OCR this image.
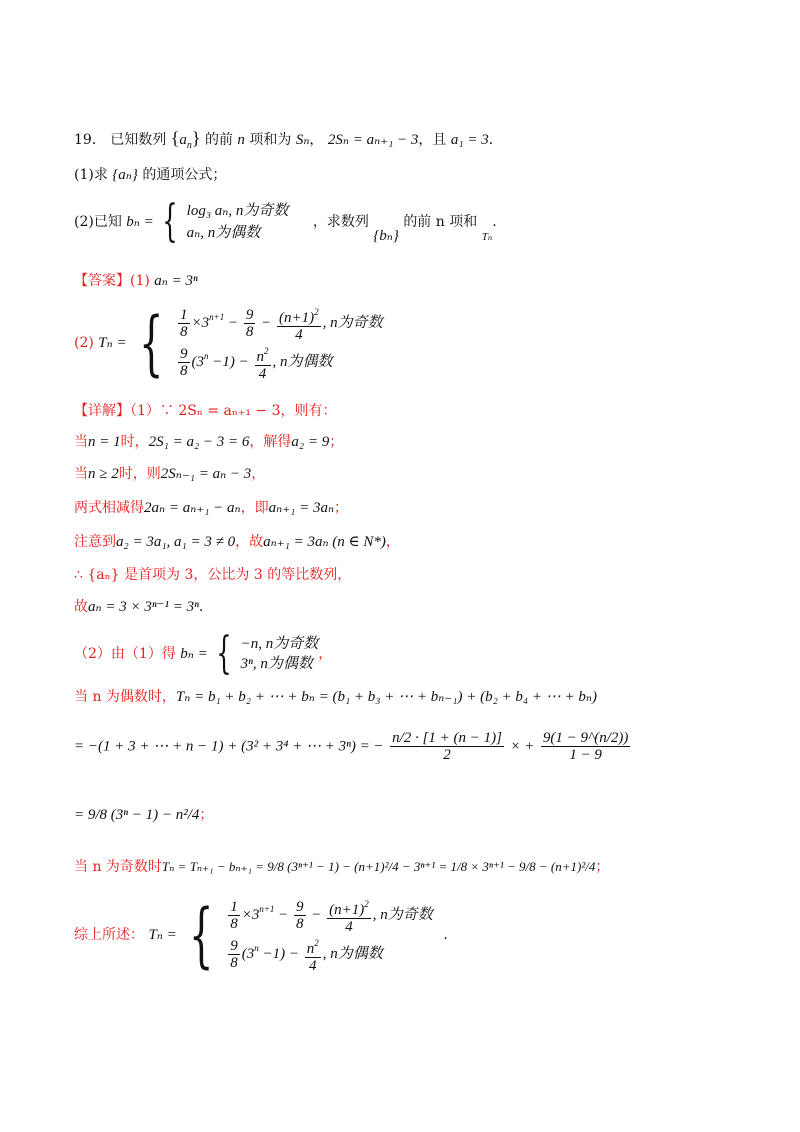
19． 已知数列 $\{a_n\}$ 的前 n 项和为 Sₙ， 2Sₙ = aₙ₊₁ − 3，且 a₁ = 3．
(1)求 {aₙ} 的通项公式；
(2)已知 bₙ = { log₃ aₙ, n为奇数
aₙ, n为偶数
，求数列 {bₙ} 的前 n 项和 $_{T_n}$.
【答案】(1) aₙ = 3ⁿ
(2) Tₙ = { $\frac{1}{8} \times 3^{n+1} - \frac{9}{8} - \frac{(n+1)^2}{4}$ , n为奇数
$\frac{9}{8} (3^n -1) - \frac{n^2}{4}$ , n为偶数
【详解】（1）∵ 2Sₙ = aₙ₊₁ − 3，则有：
当n = 1时，2S₁ = a₂ − 3 = 6，解得a₂ = 9；
当n ≥ 2时，则2Sₙ₋₁ = aₙ − 3，
两式相减得2aₙ = aₙ₊₁ − aₙ，即aₙ₊₁ = 3aₙ；
注意到a₂ = 3a₁, a₁ = 3 ≠ 0，故aₙ₊₁ = 3aₙ (n ∈ N*)，
∴ {aₙ} 是首项为 3，公比为 3 的等比数列，
故aₙ = 3 × 3ⁿ⁻¹ = 3ⁿ.
（2）由（1）得 bₙ = { −n, n为奇数
3ⁿ, n为偶数
，
当 n 为偶数时，Tₙ = b₁ + b₂ + ⋯ + bₙ = (b₁ + b₃ + ⋯ + bₙ₋₁) + (b₂ + b₄ + ⋯ + bₙ)
= −(1 + 3 + ⋯ + n − 1) + (3² + 3⁴ + ⋯ + 3ⁿ) = − $\frac{n/2 \cdot [1 + (n - 1)]}{2}$ × + $\frac{9(1 - 9\^{}(n/2))}{1 - 9}$
= 9/8 (3ⁿ − 1) − n²/4；
当 n 为奇数时Tₙ = Tₙ₊₁ − bₙ₊₁ = 9/8 (3ⁿ⁺¹ − 1) − (n+1)²/4 − 3ⁿ⁺¹ = 1/8 × 3ⁿ⁺¹ − 9/8 − (n+1)²/4；
综上所述： Tₙ = { $\frac{1}{8} \times 3^{n+1} - \frac{9}{8} - \frac{(n+1)^2}{4}$ , n为奇数
$\frac{9}{8} (3^n -1) - \frac{n^2}{4}$ , n为偶数
.
